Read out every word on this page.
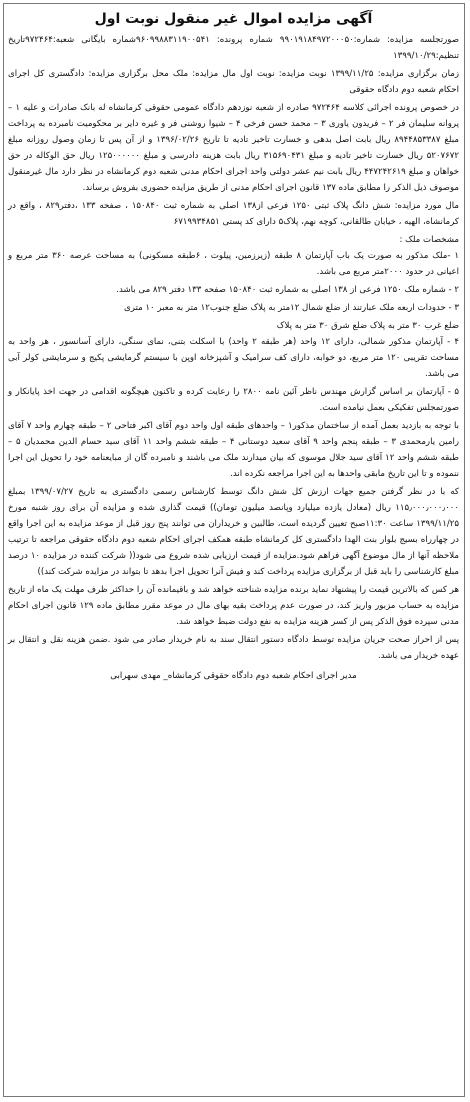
آگهی مزایده اموال غیر منقول نوبت اول

صورتجلسه مزایده: شماره:۹۹۰۱۹۱۸۴۹۷۲۰۰۰۵۰ شماره پرونده: ۹۶۰۹۹۸۸۳۱۱۹۰۰۵۴۱شماره بایگانی شعبه:۹۷۲۴۶۴تاریخ تنظیم:۱۳۹۹/۱۰/۲۹

زمان برگزاری مزایده: ۱۳۹۹/۱۱/۲۵ نوبت مزایده: نوبت اول مال مزایده: ملک محل برگزاری مزایده: دادگستری کل اجرای احکام شعبه دوم دادگاه حقوقی

در خصوص پرونده اجرائی کلاسه ۹۷۲۴۶۴ صادره از شعبه نوزدهم دادگاه عمومی حقوقی کرمانشاه له بانک صادرات و علیه ۱ – پروانه سلیمان فر ۲ – فریدون یاوری ۳ – محمد حسن فرخی ۴ – شیوا روشنی فر و غیره دایر بر محکومیت نامبرده به پرداخت مبلغ ۸۹۴۴۸۵۳۳۸۷ ریال بابت اصل بدهی و خسارت تاخیر تادیه تا تاریخ ۱۳۹۶/۰۲/۲۶ و از آن پس تا زمان وصول روزانه مبلغ ۵۲۰۷۶۷۲ ریال خسارت تاخیر تادیه و مبلغ ۳۱۵۶۹۰۴۳۱ ریال بابت هزینه دادرسی و مبلغ ۱۲۵۰۰۰۰۰۰ ریال حق الوکاله در حق خواهان و مبلغ ۴۴۷۲۴۲۶۱۹ ریال بابت نیم عشر دولتی واحد اجرای احکام مدنی شعبه دوم کرمانشاه در نظر دارد مال غیرمنقول موصوف ذیل الذکر را مطابق ماده ۱۳۷ قانون اجرای احکام مدنی از طریق مزایده حضوری بفروش برساند.

مال مورد مزایده: شش دانگ پلاک ثبتی ۱۲۵۰ فرعی از۱۳۸ اصلی به شماره ثبت ۱۵۰۸۴۰ ، صفحه ۱۳۳ ،دفتر۸۲۹ ، واقع در کرمانشاه، الهیه ، خیابان طالقانی، کوچه نهم، پلاک۵ دارای کد پستی ۶۷۱۹۹۳۴۸۵۱

مشخصات ملک :

۱ -ملک مذکور به صورت یک باب آپارتمان ۸ طبقه (زیرزمین، پیلوت ، ۶طبقه مسکونی) به مساحت عرصه ۳۶۰ متر مربع و اعیانی در حدود ۲۰۰۰متر مربع می باشد.

۲ - شماره ملک ۱۲۵۰ فرعی از ۱۳۸ اصلی به شماره ثبت ۱۵۰۸۴۰ صفحه ۱۳۳ دفتر ۸۲۹ می باشد.

۳ - حدودات اربعه ملک عبارتند از ضلع شمال ۱۲متر به پلاک ضلع جنوب۱۲ متر به معبر ۱۰ متری

ضلع غرب ۳۰ متر به پلاک ضلع شرق ۳۰ متر به پلاک

۴ - آپارتمان مذکور شمالی، دارای ۱۲ واحد (هر طبقه ۲ واحد) با اسکلت بتنی، نمای سنگی، دارای آسانسور ، هر واحد به مساحت تقریبی ۱۲۰ متر مربع، دو خوابه، دارای کف سرامیک و آشپزخانه اوپن با سیستم گرمایشی پکیج و سرمایشی کولر آبی می باشد.

۵ - آپارتمان بر اساس گزارش مهندس ناظر آئین نامه ۲۸۰۰ را رعایت کرده و تاکنون هیچگونه اقدامی در جهت اخذ پایانکار و صورتمجلس تفکیکی بعمل نیامده است.

با توجه به بازدید بعمل آمده از ساختمان مذکور۱ – واحدهای طبقه اول واحد دوم آقای اکبر فتاحی ۲ – طبقه چهارم واحد ۷ آقای رامین یارمحمدی ۳ – طبقه پنجم واحد ۹ آقای سعید دوستانی ۴ – طبقه ششم واحد ۱۱ آقای سید حسام الدین محمدیان ۵ – طبقه ششم واحد ۱۲ آقای سید جلال موسوی که بیان میدارند ملک می باشند و نامبرده گان از مبایعنامه خود را تحویل این اجرا ننموده و تا این تاریخ مابقی واحدها به این اجرا مراجعه نکرده اند.

که با در نظر گرفتن جمیع جهات ارزش کل شش دانگ توسط کارشناس رسمی دادگستری به تاریخ ۱۳۹۹/۰۷/۲۷ بمبلغ ۱۱۵٫۰۰۰٫۰۰۰٫۰۰۰ ریال (معادل یازده میلیارد وپانصد میلیون تومان)) قیمت گذاری شده و مزایده آن برای روز شنبه مورخ ۱۳۹۹/۱۱/۲۵ ساعت ۱۱:۳۰صبح تعیین گردیده است، طالبین و خریداران می توانند پنج روز قبل از موعد مزایده به این اجرا واقع در چهارراه بسیج بلوار بنت الهدا دادگستری کل کرمانشاه طبقه همکف اجرای احکام شعبه دوم دادگاه حقوقی مراجعه تا ترتیب ملاحظه آنها از مال موضوع آگهی فراهم شود.مزایده از قیمت ارزیابی شده شروع می شود(( شرکت کننده در مزایده ۱۰ درصد مبلغ کارشناسی را باید قبل از برگزاری مزایده پرداخت کند و فیش آنرا تحویل اجرا بدهد تا بتواند در مزایده شرکت کند))

هر کس که بالاترین قیمت را پیشنهاد نماید برنده مزایده شناخته خواهد شد و باقیمانده آن را حداکثر ظرف مهلت یک ماه از تاریخ مزایده به حساب مزبور واریز کند، در صورت عدم پرداخت بقیه بهای مال در موعد مقرر مطابق ماده ۱۲۹ قانون اجرای احکام مدنی سپرده فوق الذکر پس از کسر هزینه مزایده به نفع دولت ضبط خواهد شد.

پس از احراز صحت جریان مزایده توسط دادگاه دستور انتقال سند به نام خریدار صادر می شود .ضمن هزینه نقل و انتقال بر عهده خریدار می باشد.

مدیر اجرای احکام شعبه دوم دادگاه حقوقی کرمانشاه_ مهدی سهرابی
